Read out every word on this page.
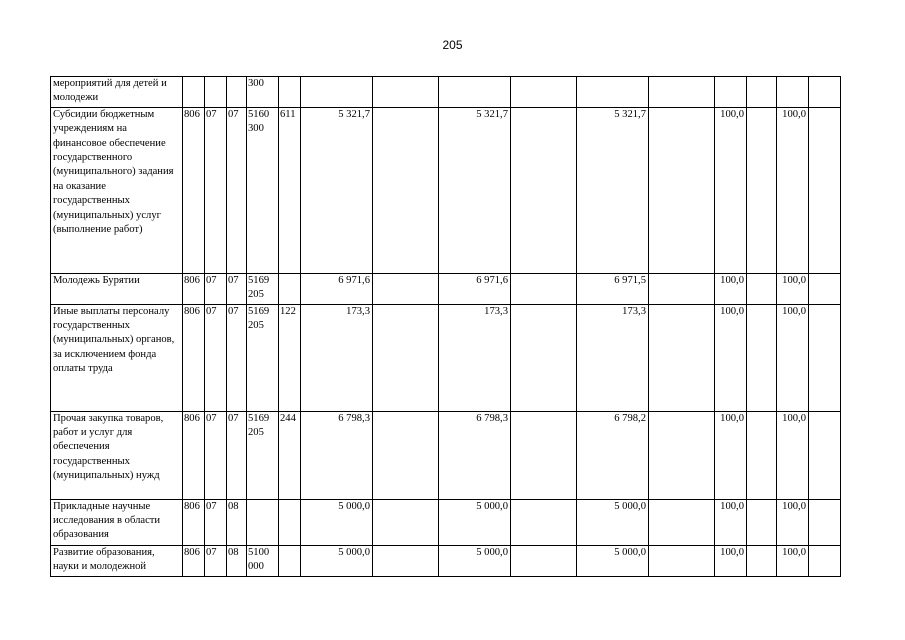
205
мероприятий для детей и молодежи				300											
Субсидии бюджетным учреждениям на финансовое обеспечение государственного (муниципального) задания на оказание государственных (муниципальных) услуг (выполнение работ)	806	07	07	5160 300	611	5 321,7		5 321,7		5 321,7		100,0		100,0	
Молодежь Бурятии	806	07	07	5169 205		6 971,6		6 971,6		6 971,5		100,0		100,0	
Иные выплаты персоналу государственных (муниципальных) органов, за исключением фонда оплаты труда	806	07	07	5169 205	122	173,3		173,3		173,3		100,0		100,0	
Прочая закупка товаров, работ и услуг для обеспечения государственных (муниципальных) нужд	806	07	07	5169 205	244	6 798,3		6 798,3		6 798,2		100,0		100,0	
Прикладные научные исследования в области образования	806	07	08			5 000,0		5 000,0		5 000,0		100,0		100,0	
Развитие образования, науки и молодежной	806	07	08	5100 000		5 000,0		5 000,0		5 000,0		100,0		100,0	
